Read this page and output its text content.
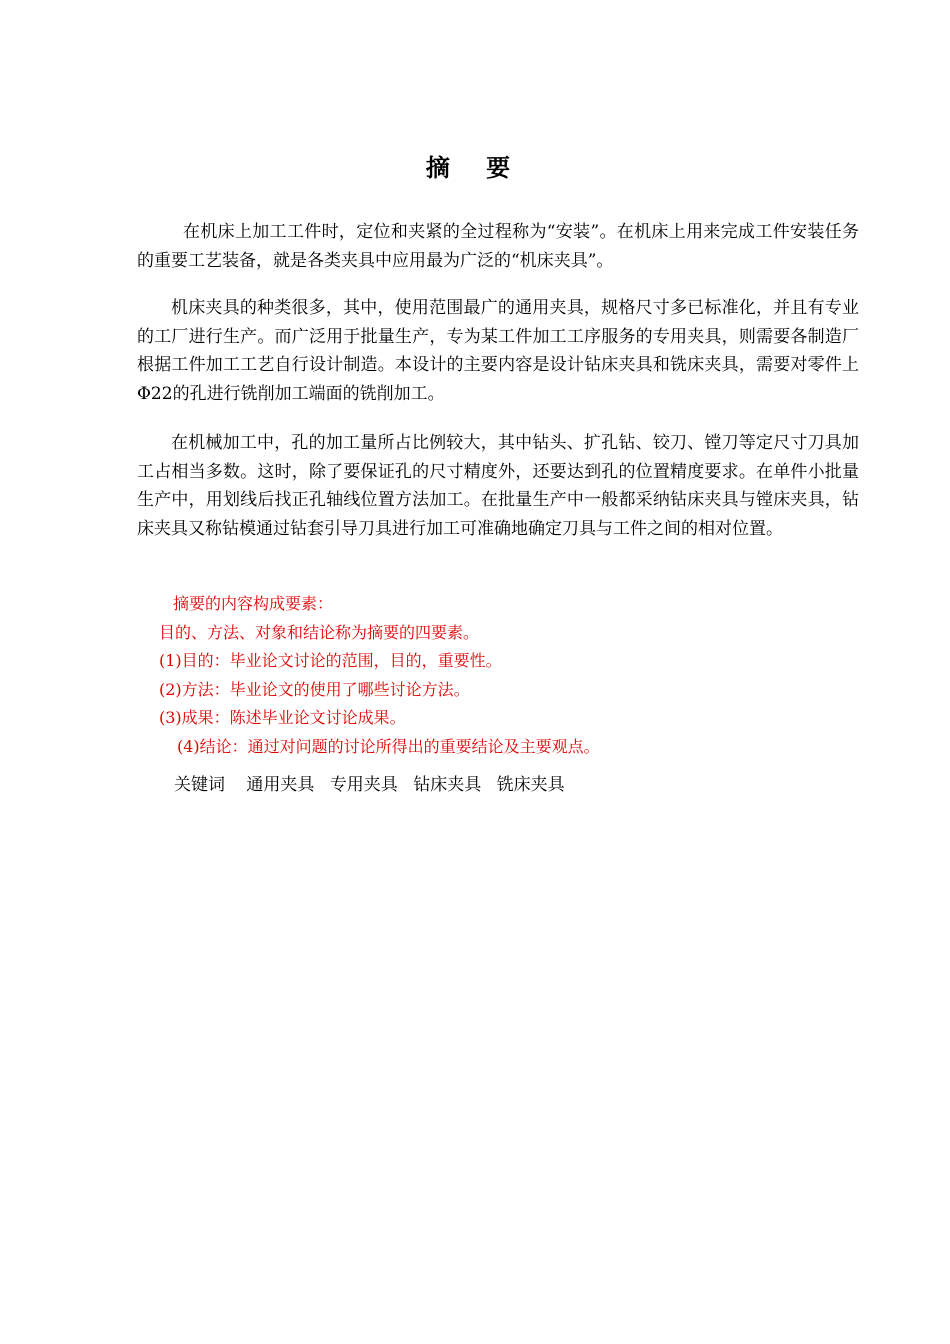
摘 要
在机床上加工工件时，定位和夹紧的全过程称为“安装”。在机床上用来完成工件安装任务的重要工艺装备，就是各类夹具中应用最为广泛的“机床夹具”。
机床夹具的种类很多，其中，使用范围最广的通用夹具，规格尺寸多已标准化，并且有专业的工厂进行生产。而广泛用于批量生产，专为某工件加工工序服务的专用夹具，则需要各制造厂根据工件加工工艺自行设计制造。本设计的主要内容是设计钻床夹具和铣床夹具，需要对零件上Φ22的孔进行铣削加工端面的铣削加工。
在机械加工中，孔的加工量所占比例较大，其中钻头、扩孔钻、铰刀、镗刀等定尺寸刀具加工占相当多数。这时，除了要保证孔的尺寸精度外，还要达到孔的位置精度要求。在单件小批量生产中，用划线后找正孔轴线位置方法加工。在批量生产中一般都采纳钻床夹具与镗床夹具，钻床夹具又称钻模通过钻套引导刀具进行加工可准确地确定刀具与工件之间的相对位置。
摘要的内容构成要素：
目的、方法、对象和结论称为摘要的四要素。
(1)目的：毕业论文讨论的范围，目的，重要性。
(2)方法：毕业论文的使用了哪些讨论方法。
(3)成果：陈述毕业论文讨论成果。
(4)结论：通过对问题的讨论所得出的重要结论及主要观点。
关键词 通用夹具 专用夹具 钻床夹具 铣床夹具
